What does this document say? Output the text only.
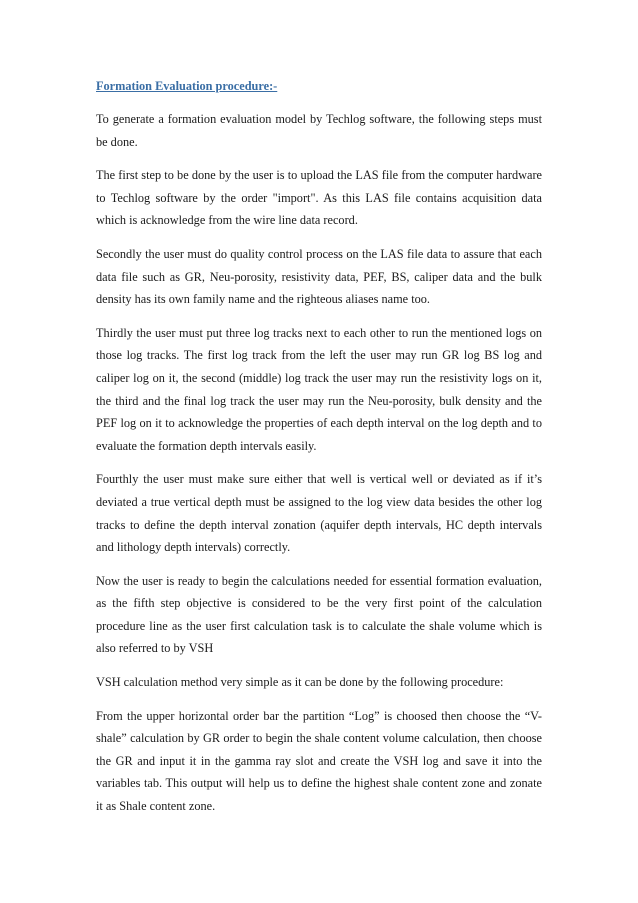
Formation Evaluation procedure:-

To generate a formation evaluation model by Techlog software, the following steps must be done.

The first step to be done by the user is to upload the LAS file from the computer hardware to Techlog software by the order "import". As this LAS file contains acquisition data which is acknowledge from the wire line data record.

Secondly the user must do quality control process on the LAS file data to assure that each data file such as GR, Neu-porosity, resistivity data, PEF, BS, caliper data and the bulk density has its own family name and the righteous aliases name too.

Thirdly the user must put three log tracks next to each other to run the mentioned logs on those log tracks. The first log track from the left the user may run GR log BS log and caliper log on it, the second (middle) log track the user may run the resistivity logs on it, the third and the final log track the user may run the Neu-porosity, bulk density and the PEF log on it to acknowledge the properties of each depth interval on the log depth and to evaluate the formation depth intervals easily.

Fourthly the user must make sure either that well is vertical well or deviated as if it’s deviated a true vertical depth must be assigned to the log view data besides the other log tracks to define the depth interval zonation (aquifer depth intervals, HC depth intervals and lithology depth intervals) correctly.

Now the user is ready to begin the calculations needed for essential formation evaluation, as the fifth step objective is considered to be the very first point of the calculation procedure line as the user first calculation task is to calculate the shale volume which is also referred to by VSH

VSH calculation method very simple as it can be done by the following procedure:

From the upper horizontal order bar the partition “Log” is choosed then choose the “V-shale” calculation by GR order to begin the shale content volume calculation, then choose the GR and input it in the gamma ray slot and create the VSH log and save it into the variables tab. This output will help us to define the highest shale content zone and zonate it as Shale content zone.
